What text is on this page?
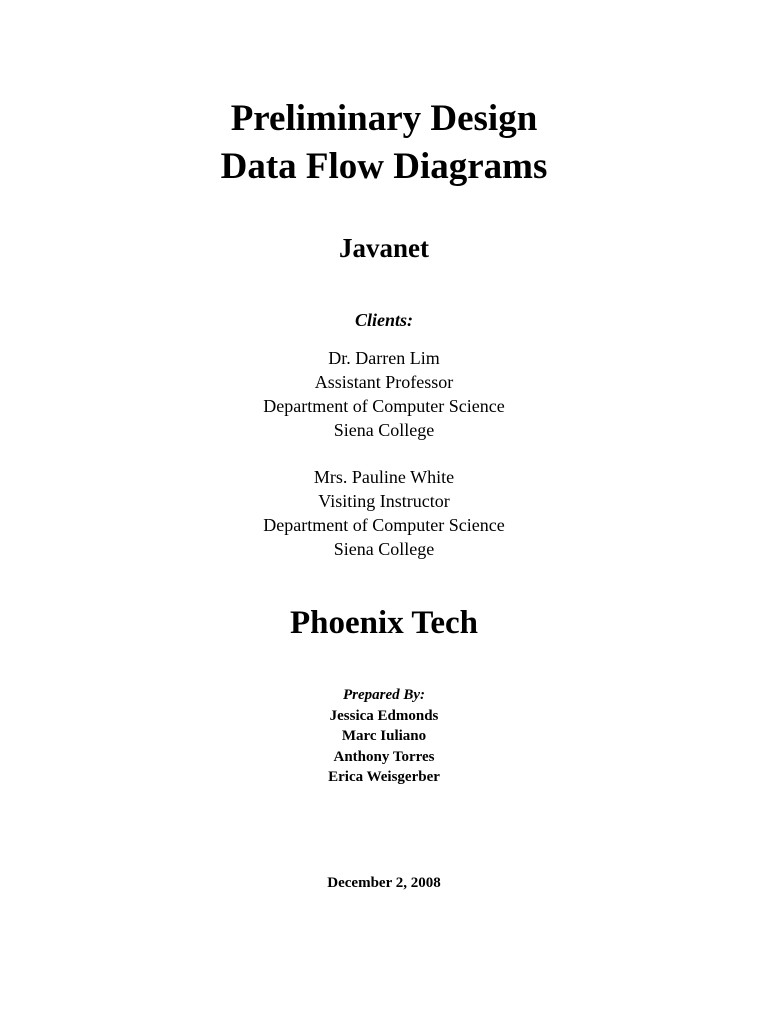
Preliminary Design
Data Flow Diagrams
Javanet
Clients:
Dr. Darren Lim
Assistant Professor
Department of Computer Science
Siena College
Mrs. Pauline White
Visiting Instructor
Department of Computer Science
Siena College
Phoenix Tech
Prepared By:
Jessica Edmonds
Marc Iuliano
Anthony Torres
Erica Weisgerber
December 2, 2008
